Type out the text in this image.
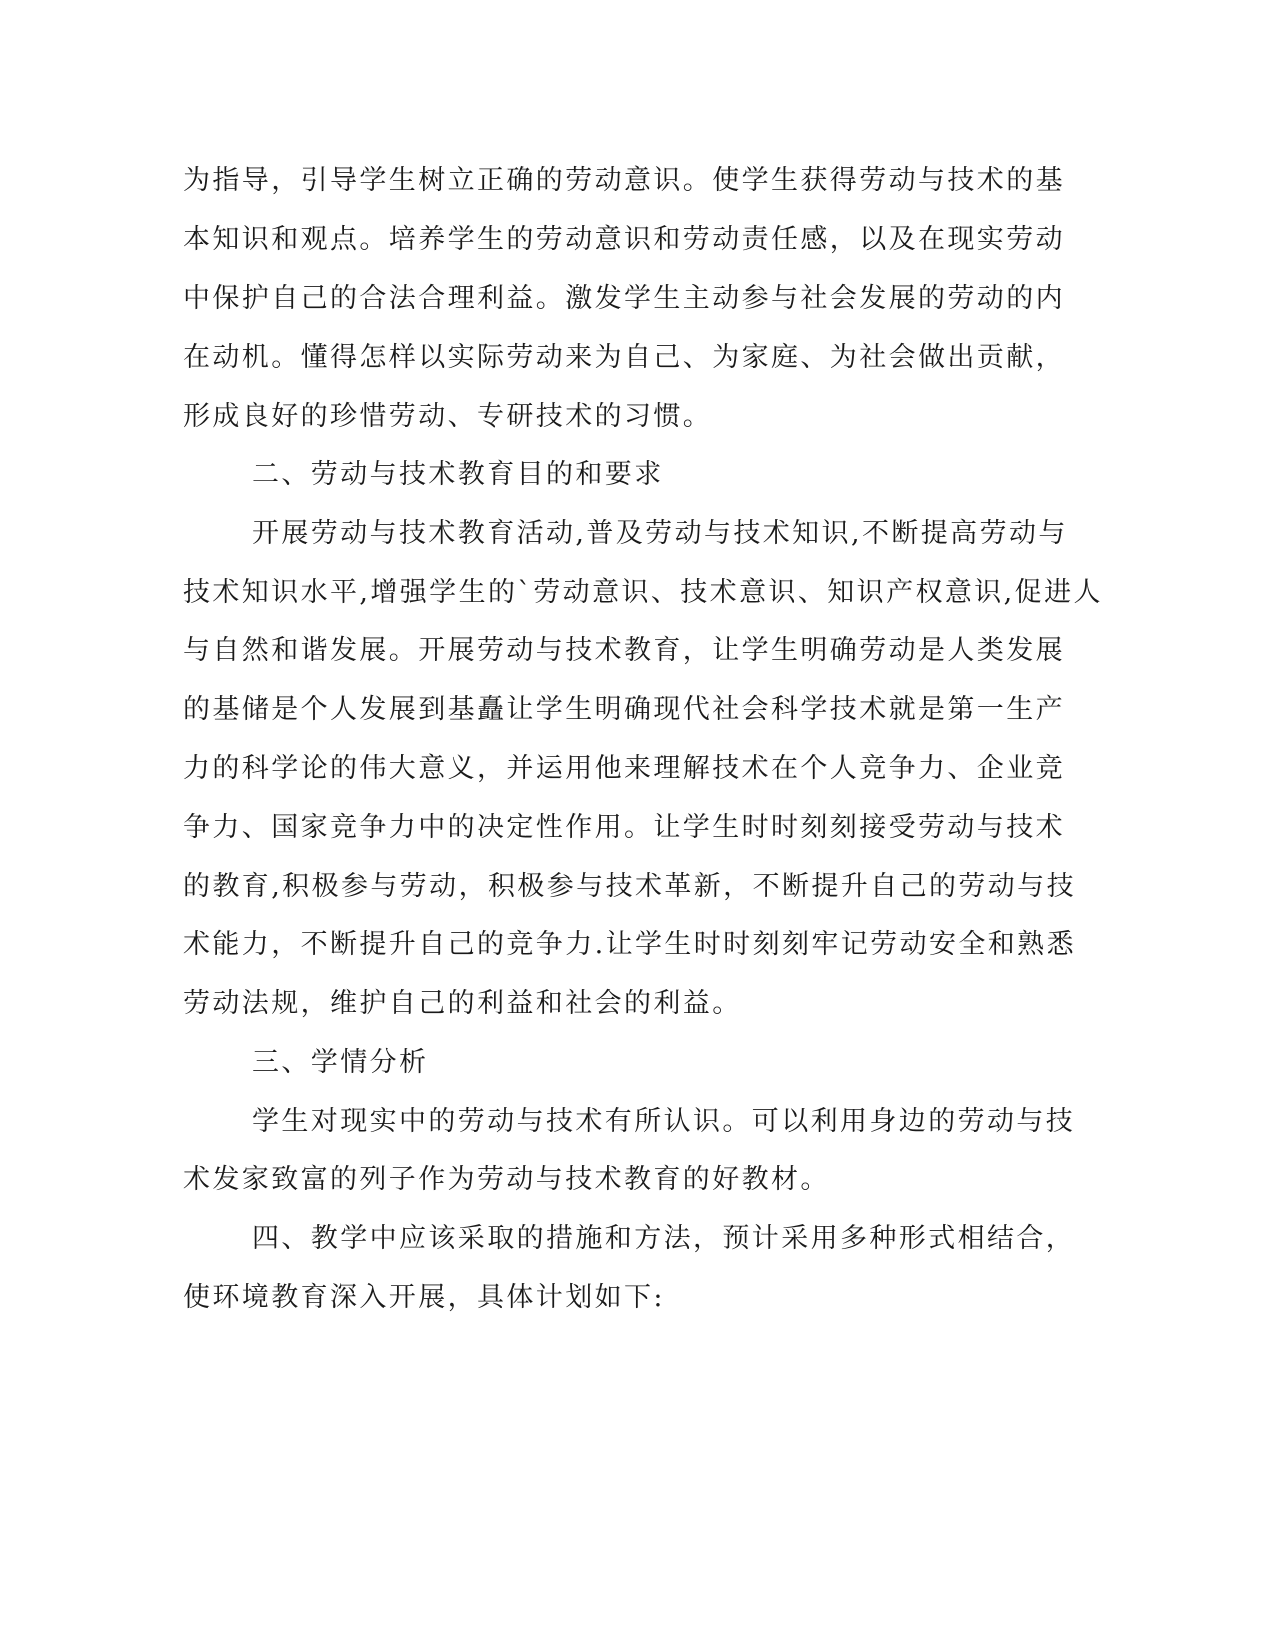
为指导，引导学生树立正确的劳动意识。使学生获得劳动与技术的基
本知识和观点。培养学生的劳动意识和劳动责任感，以及在现实劳动
中保护自己的合法合理利益。激发学生主动参与社会发展的劳动的内
在动机。懂得怎样以实际劳动来为自己、为家庭、为社会做出贡献，
形成良好的珍惜劳动、专研技术的习惯。
二、劳动与技术教育目的和要求
开展劳动与技术教育活动,普及劳动与技术知识,不断提高劳动与
技术知识水平,增强学生的`劳动意识、技术意识、知识产权意识,促进人
与自然和谐发展。开展劳动与技术教育，让学生明确劳动是人类发展
的基储是个人发展到基矗让学生明确现代社会科学技术就是第一生产
力的科学论的伟大意义，并运用他来理解技术在个人竞争力、企业竞
争力、国家竞争力中的决定性作用。让学生时时刻刻接受劳动与技术
的教育,积极参与劳动，积极参与技术革新，不断提升自己的劳动与技
术能力，不断提升自己的竞争力.让学生时时刻刻牢记劳动安全和熟悉
劳动法规，维护自己的利益和社会的利益。
三、学情分析
学生对现实中的劳动与技术有所认识。可以利用身边的劳动与技
术发家致富的列子作为劳动与技术教育的好教材。
四、教学中应该采取的措施和方法，预计采用多种形式相结合，
使环境教育深入开展，具体计划如下:
